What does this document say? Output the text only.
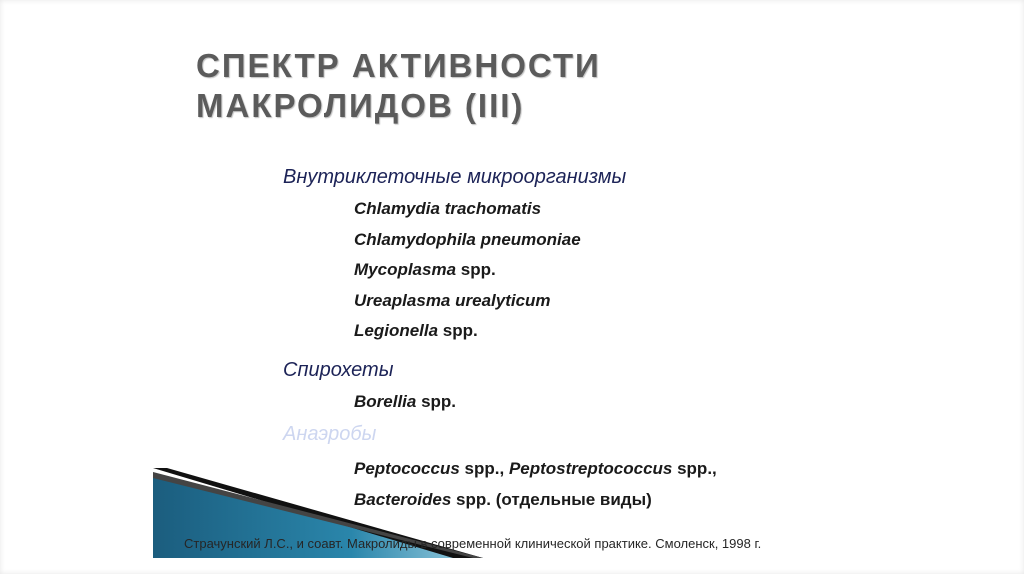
СПЕКТР АКТИВНОСТИ
МАКРОЛИДОВ (III)
Внутриклеточные микроорганизмы
Chlamydia trachomatis
Chlamydophila pneumoniae
Mycoplasma spp.
Ureaplasma urealyticum
Legionella spp.
Спирохеты
Borellia spp.
Анаэробы
Peptococcus spp., Peptostreptococcus spp.,
Bacteroides spp. (отдельные виды)

Страчунский Л.С., и соавт. Макролиды в современной клинической практике. Смоленск, 1998 г.
